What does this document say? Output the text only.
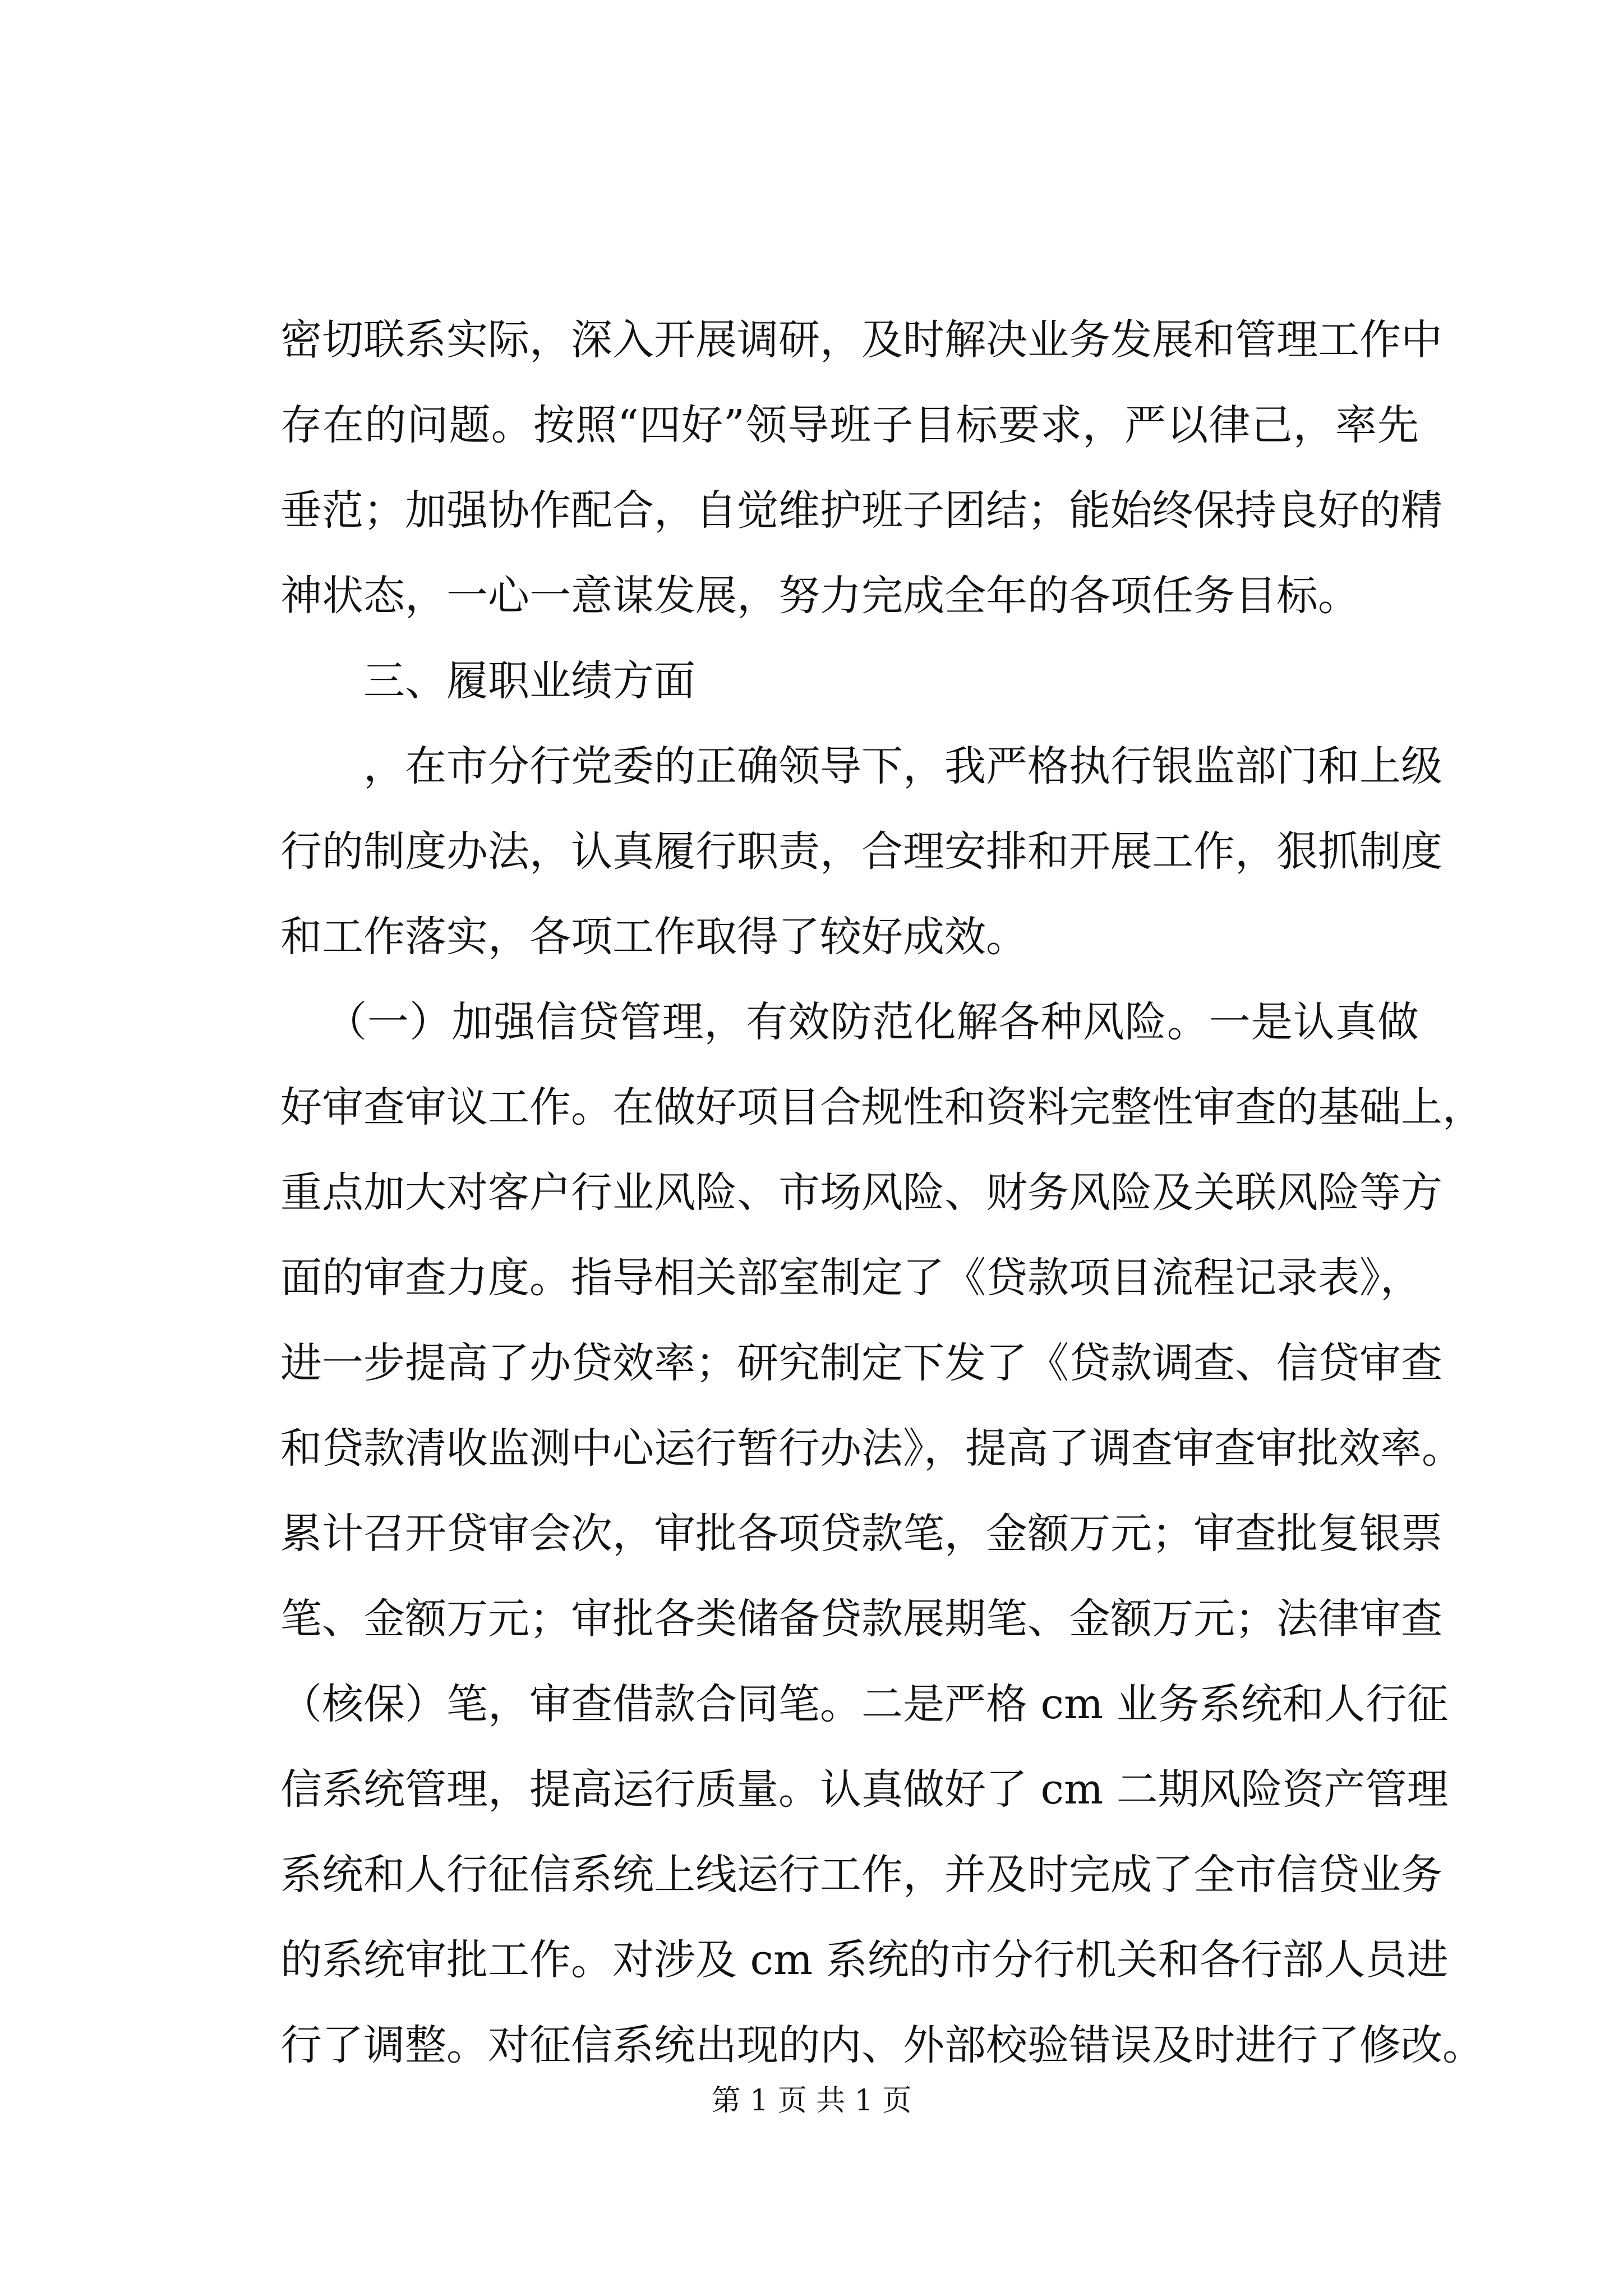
密切联系实际，深入开展调研，及时解决业务发展和管理工作中
存在的问题。按照“四好”领导班子目标要求，严以律己，率先
垂范；加强协作配合，自觉维护班子团结；能始终保持良好的精
神状态，一心一意谋发展，努力完成全年的各项任务目标。
三、履职业绩方面
，在市分行党委的正确领导下，我严格执行银监部门和上级
行的制度办法，认真履行职责，合理安排和开展工作，狠抓制度
和工作落实，各项工作取得了较好成效。
（一）加强信贷管理，有效防范化解各种风险。一是认真做
好审查审议工作。在做好项目合规性和资料完整性审查的基础上，
重点加大对客户行业风险、市场风险、财务风险及关联风险等方
面的审查力度。指导相关部室制定了《贷款项目流程记录表》，
进一步提高了办贷效率；研究制定下发了《贷款调查、信贷审查
和贷款清收监测中心运行暂行办法》，提高了调查审查审批效率。
累计召开贷审会次，审批各项贷款笔，金额万元；审查批复银票
笔、金额万元；审批各类储备贷款展期笔、金额万元；法律审查
（核保）笔，审查借款合同笔。二是严格 cm 业务系统和人行征
信系统管理，提高运行质量。认真做好了 cm 二期风险资产管理
系统和人行征信系统上线运行工作，并及时完成了全市信贷业务
的系统审批工作。对涉及 cm 系统的市分行机关和各行部人员进
行了调整。对征信系统出现的内、外部校验错误及时进行了修改。
第 1 页 共 1 页
